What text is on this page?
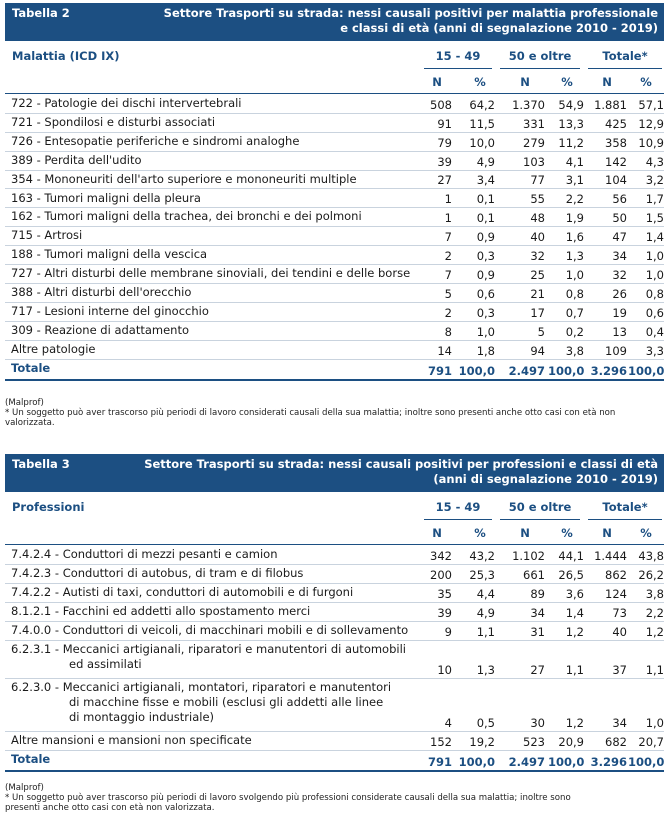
Tabella 2	Settore Trasporti su strada: nessi causali positivi per malattia professionale
e classi di età (anni di segnalazione 2010 - 2019)
Malattia (ICD IX)	15 - 49	50 e oltre	Totale*
N	%	N	%	N	%
722 - Patologie dei dischi intervertebrali	508	64,2	1.370	54,9 1.881 57,1
721 - Spondilosi e disturbi associati	91	11,5	331	13,3	425 12,9
726 - Entesopatie periferiche e sindromi analoghe	79	10,0	279	11,2	358 10,9
389 - Perdita dell'udito	39	4,9	103	4,1	142	4,3
354 - Mononeuriti dell'arto superiore e mononeuriti multiple	27	3,4	77	3,1	104	3,2
163 - Tumori maligni della pleura	1	0,1	55	2,2	56	1,7
162 - Tumori maligni della trachea, dei bronchi e dei polmoni	1	0,1	48	1,9	50	1,5
715 - Artrosi	7	0,9	40	1,6	47	1,4
188 - Tumori maligni della vescica	2	0,3	32	1,3	34	1,0
727 - Altri disturbi delle membrane sinoviali, dei tendini e delle borse	7	0,9	25	1,0	32	1,0
388 - Altri disturbi dell'orecchio	5	0,6	21	0,8	26	0,8
717 - Lesioni interne del ginocchio	2	0,3	17	0,7	19	0,6
309 - Reazione di adattamento	8	1,0	5	0,2	13	0,4
Altre patologie	14	1,8	94	3,8	109	3,3
Totale	791 100,0	2.497 100,0 3.296 100,0
(Malprof)
* Un soggetto può aver trascorso più periodi di lavoro considerati causali della sua malattia; inoltre sono presenti anche otto casi con età non valorizzata.
Tabella 3	Settore Trasporti su strada: nessi causali positivi per professioni e classi di età
(anni di segnalazione 2010 - 2019)
Professioni	15 - 49	50 e oltre	Totale*
N	%	N	%	N	%
7.4.2.4 - Conduttori di mezzi pesanti e camion	342	43,2	1.102	44,1 1.444 43,8
7.4.2.3 - Conduttori di autobus, di tram e di filobus	200	25,3	661	26,5	862 26,2
7.4.2.2 - Autisti di taxi, conduttori di automobili e di furgoni	35	4,4	89	3,6	124	3,8
8.1.2.1 - Facchini ed addetti allo spostamento merci	39	4,9	34	1,4	73	2,2
7.4.0.0 - Conduttori di veicoli, di macchinari mobili e di sollevamento	9	1,1	31	1,2	40	1,2
6.2.3.1 - Meccanici artigianali, riparatori e manutentori di automobili
ed assimilati	10	1,3	27	1,1	37	1,1
6.2.3.0 - Meccanici artigianali, montatori, riparatori e manutentori
di macchine fisse e mobili (esclusi gli addetti alle linee
di montaggio industriale)	4	0,5	30	1,2	34	1,0
Altre mansioni e mansioni non specificate	152	19,2	523	20,9	682 20,7
Totale	791 100,0	2.497 100,0 3.296 100,0
(Malprof)
* Un soggetto può aver trascorso più periodi di lavoro svolgendo più professioni considerate causali della sua malattia; inoltre sono
presenti anche otto casi con età non valorizzata.
